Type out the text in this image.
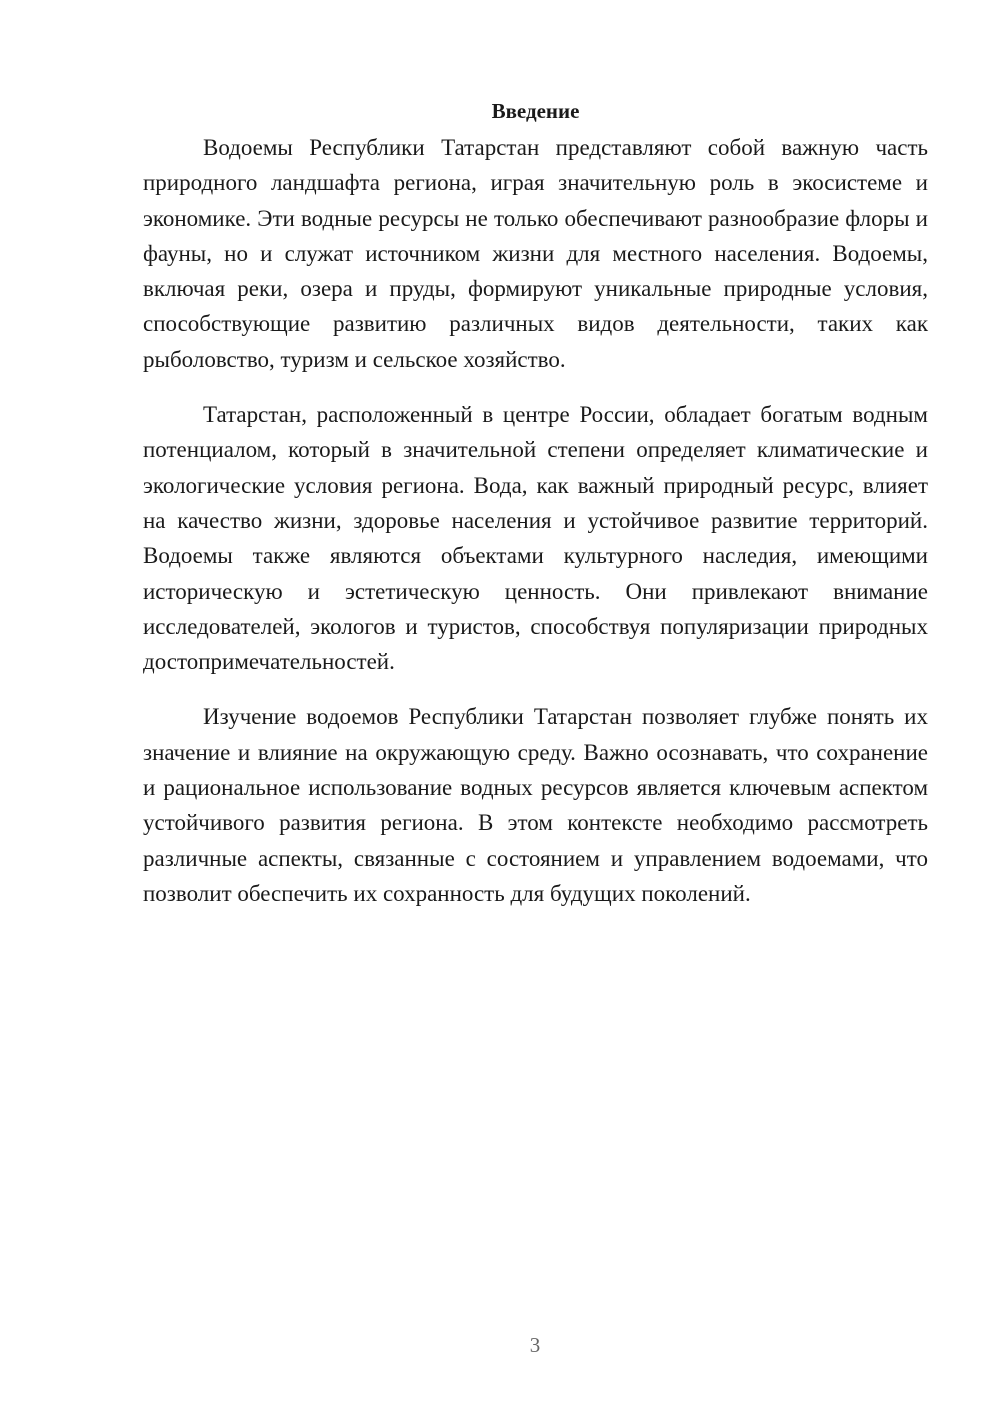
Введение

Водоемы Республики Татарстан представляют собой важную часть природного ландшафта региона, играя значительную роль в экосистеме и экономике. Эти водные ресурсы не только обеспечивают разнообразие флоры и фауны, но и служат источником жизни для местного населения. Водоемы, включая реки, озера и пруды, формируют уникальные природные условия, способствующие развитию различных видов деятельности, таких как рыболовство, туризм и сельское хозяйство.

Татарстан, расположенный в центре России, обладает богатым водным потенциалом, который в значительной степени определяет климатические и экологические условия региона. Вода, как важный природный ресурс, влияет на качество жизни, здоровье населения и устойчивое развитие территорий. Водоемы также являются объектами культурного наследия, имеющими историческую и эстетическую ценность. Они привлекают внимание исследователей, экологов и туристов, способствуя популяризации природных достопримечательностей.

Изучение водоемов Республики Татарстан позволяет глубже понять их значение и влияние на окружающую среду. Важно осознавать, что сохранение и рациональное использование водных ресурсов является ключевым аспектом устойчивого развития региона. В этом контексте необходимо рассмотреть различные аспекты, связанные с состоянием и управлением водоемами, что позволит обеспечить их сохранность для будущих поколений.

3
